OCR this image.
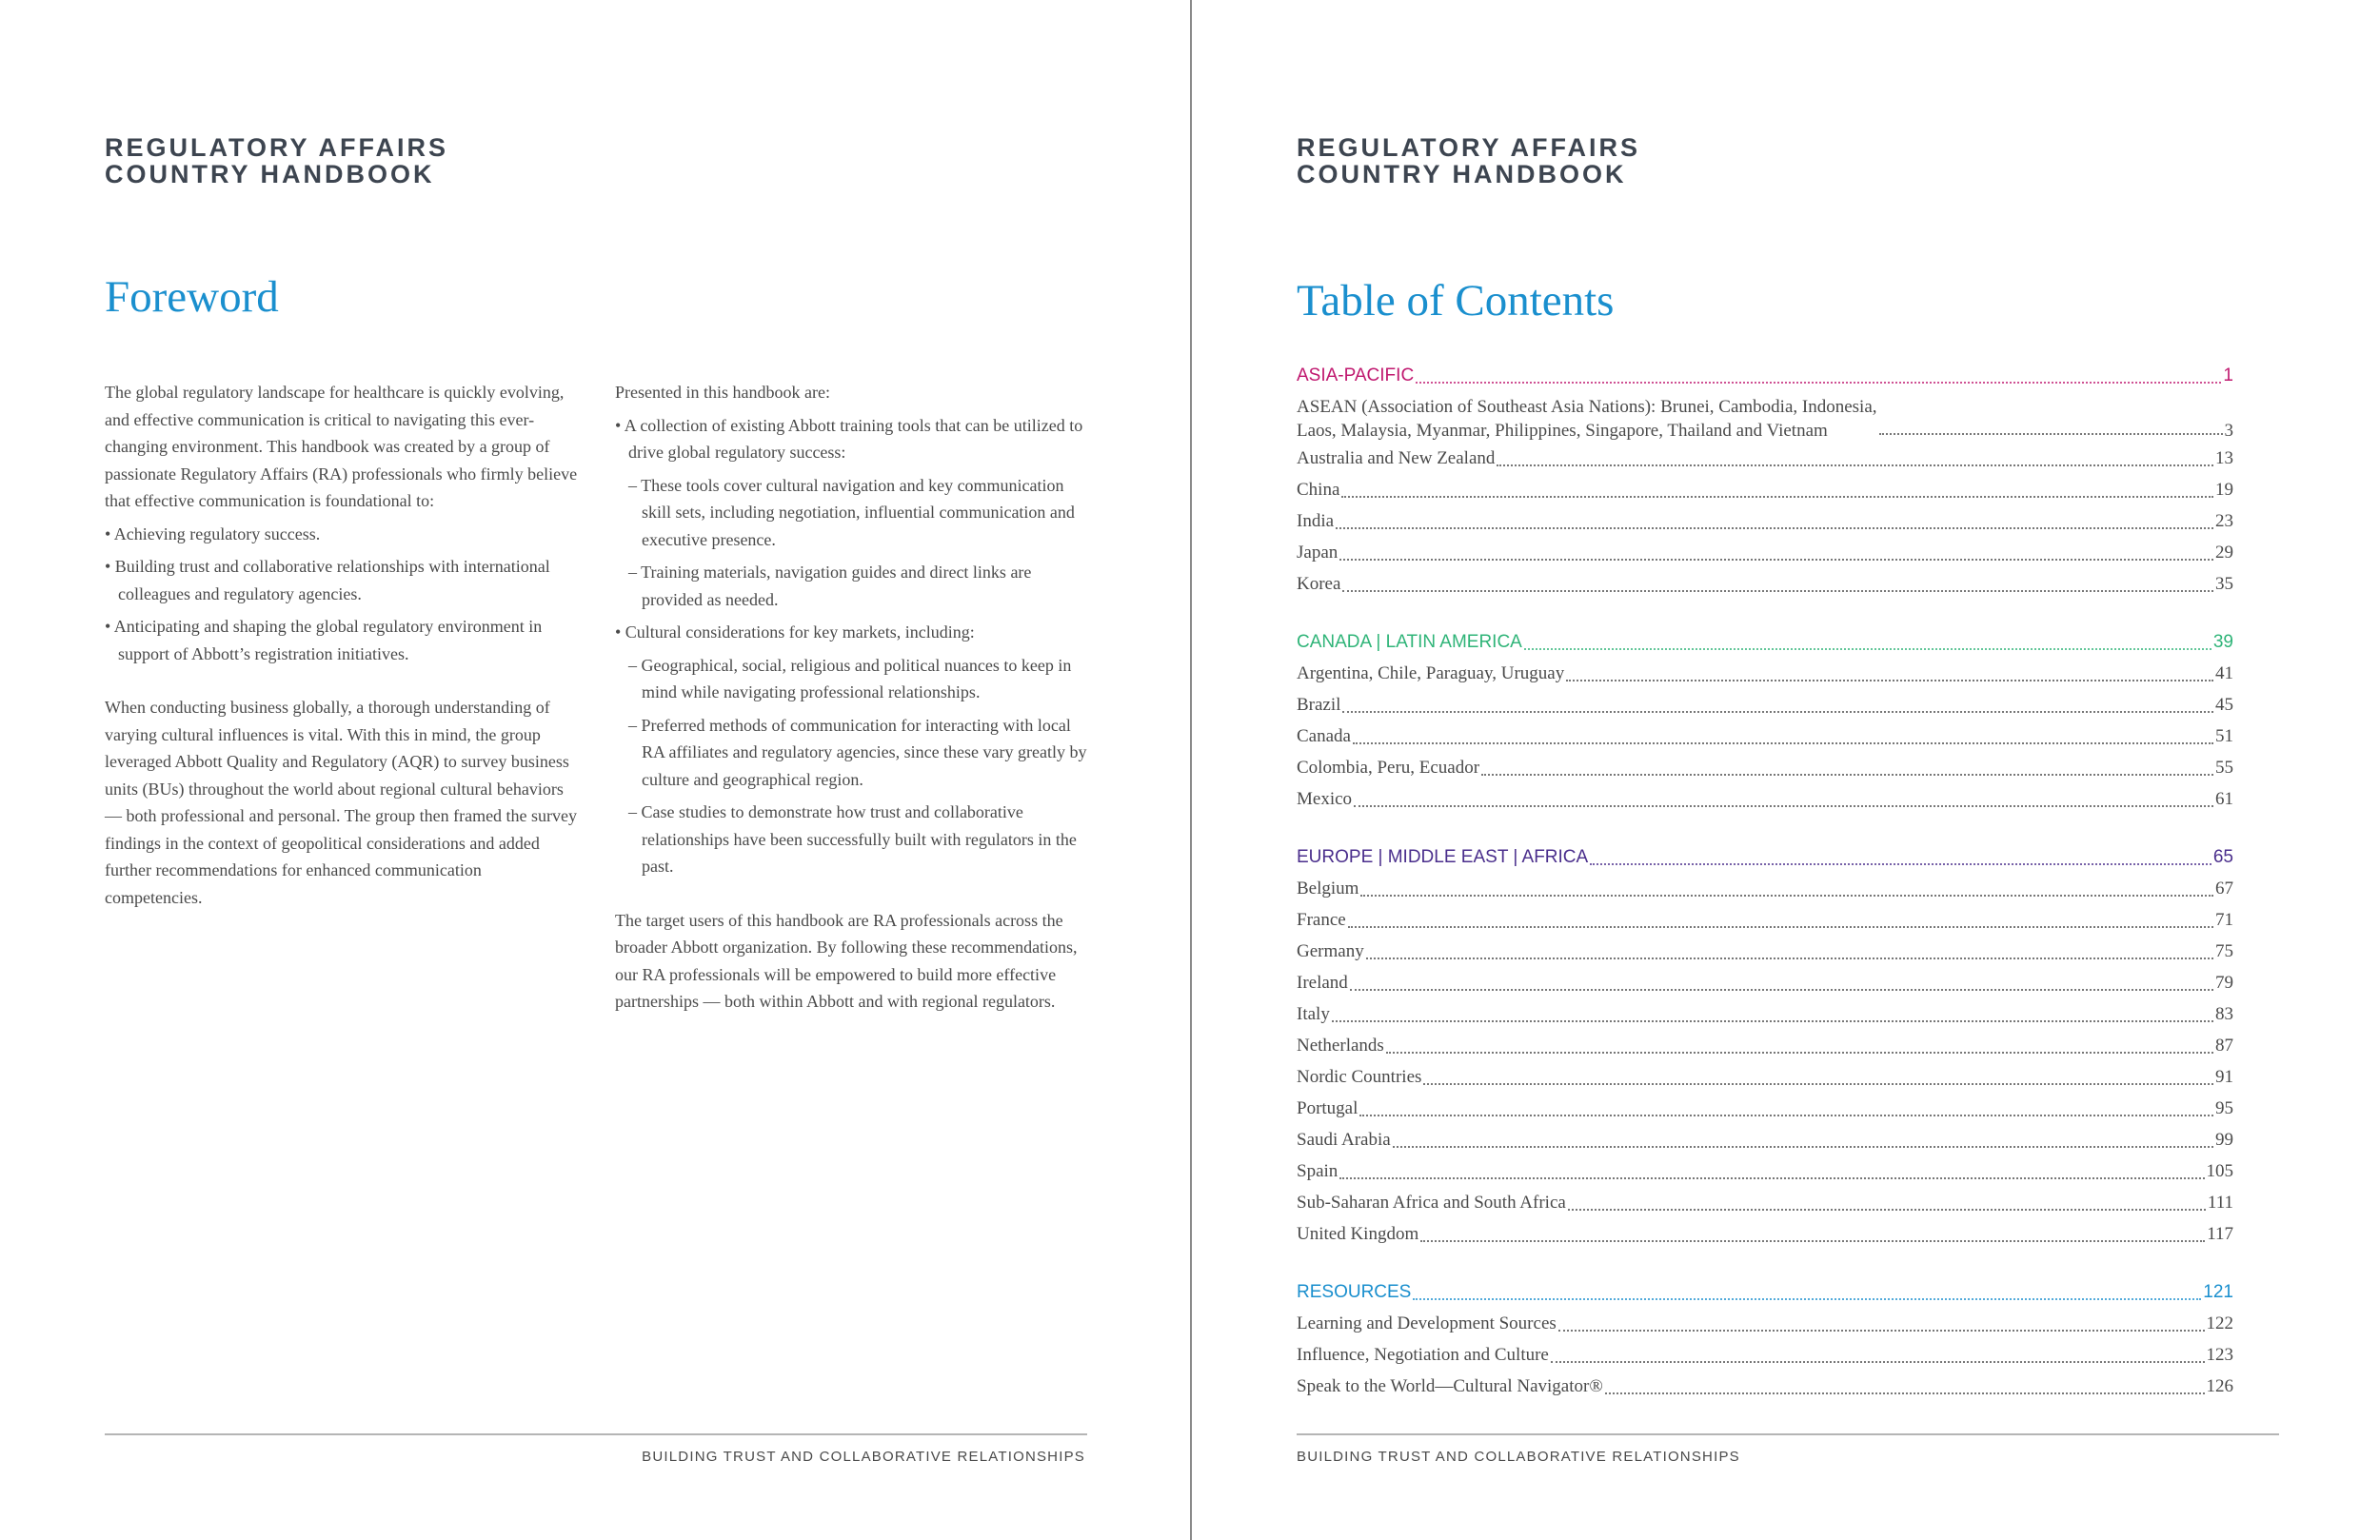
REGULATORY AFFAIRS
COUNTRY HANDBOOK
Foreword

The global regulatory landscape for healthcare is quickly evolving, and effective communication is critical to navigating this ever-changing environment. This handbook was created by a group of passionate Regulatory Affairs (RA) professionals who firmly believe that effective communication is foundational to:

• Achieving regulatory success.

• Building trust and collaborative relationships with international colleagues and regulatory agencies.

• Anticipating and shaping the global regulatory environment in support of Abbott’s registration initiatives.

When conducting business globally, a thorough understanding of varying cultural influences is vital. With this in mind, the group leveraged Abbott Quality and Regulatory (AQR) to survey business units (BUs) throughout the world about regional cultural behaviors — both professional and personal. The group then framed the survey findings in the context of geopolitical considerations and added further recommendations for enhanced communication competencies.

Presented in this handbook are:

• A collection of existing Abbott training tools that can be utilized to drive global regulatory success:

– These tools cover cultural navigation and key communication skill sets, including negotiation, influential communication and executive presence.

– Training materials, navigation guides and direct links are provided as needed.

• Cultural considerations for key markets, including:

– Geographical, social, religious and political nuances to keep in mind while navigating professional relationships.

– Preferred methods of communication for interacting with local RA affiliates and regulatory agencies, since these vary greatly by culture and geographical region.

– Case studies to demonstrate how trust and collaborative relationships have been successfully built with regulators in the past.

The target users of this handbook are RA professionals across the broader Abbott organization. By following these recommendations, our RA professionals will be empowered to build more effective partnerships — both within Abbott and with regional regulators.

BUILDING TRUST AND COLLABORATIVE RELATIONSHIPS
REGULATORY AFFAIRS
COUNTRY HANDBOOK
Table of Contents
ASIA-PACIFIC	1
ASEAN (Association of Southeast Asia Nations): Brunei, Cambodia, Indonesia,
Laos, Malaysia, Myanmar, Philippines, Singapore, Thailand and Vietnam	3
Australia and New Zealand	13
China	19
India	23
Japan	29
Korea	35
CANADA | LATIN AMERICA	39
Argentina, Chile, Paraguay, Uruguay	41
Brazil	45
Canada	51
Colombia, Peru, Ecuador	55
Mexico	61
EUROPE | MIDDLE EAST | AFRICA	65
Belgium	67
France	71
Germany	75
Ireland	79
Italy	83
Netherlands	87
Nordic Countries	91
Portugal	95
Saudi Arabia	99
Spain	105
Sub-Saharan Africa and South Africa	111
United Kingdom	117
RESOURCES	121
Learning and Development Sources	122
Influence, Negotiation and Culture	123
Speak to the World—Cultural Navigator®	126
BUILDING TRUST AND COLLABORATIVE RELATIONSHIPS
